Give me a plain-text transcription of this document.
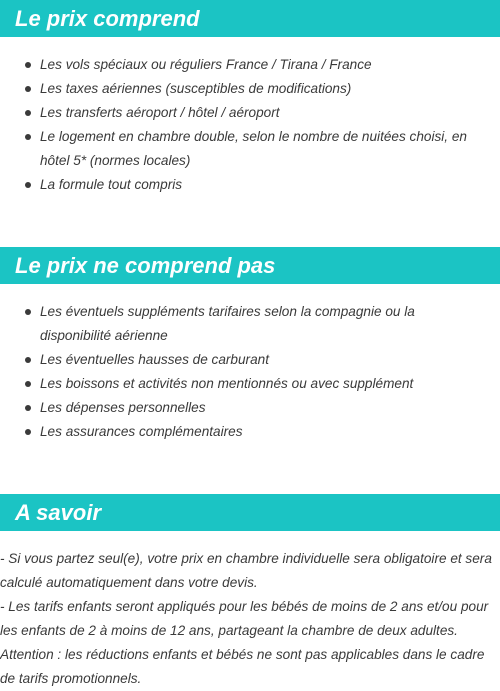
Le prix comprend
Les vols spéciaux ou réguliers France / Tirana / France
Les taxes aériennes (susceptibles de modifications)
Les transferts aéroport / hôtel / aéroport
Le logement en chambre double, selon le nombre de nuitées choisi, en hôtel 5* (normes locales)
La formule tout compris
Le prix ne comprend pas
Les éventuels suppléments tarifaires selon la compagnie ou la disponibilité aérienne
Les éventuelles hausses de carburant
Les boissons et activités non mentionnés ou avec supplément
Les dépenses personnelles
Les assurances complémentaires
A savoir

- Si vous partez seul(e), votre prix en chambre individuelle sera obligatoire et sera calculé automatiquement dans votre devis.

- Les tarifs enfants seront appliqués pour les bébés de moins de 2 ans et/ou pour les enfants de 2 à moins de 12 ans, partageant la chambre de deux adultes.

Attention : les réductions enfants et bébés ne sont pas applicables dans le cadre de tarifs promotionnels.
